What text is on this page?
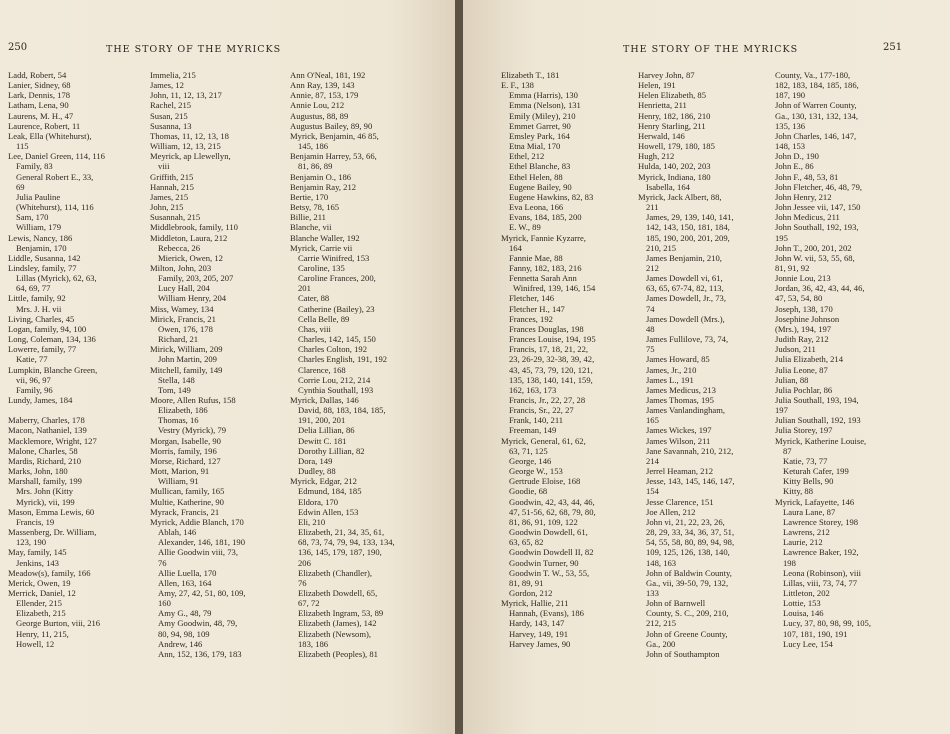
250	THE STORY OF THE MYRICKS
Ladd, Robert, 54
Lanier, Sidney, 68
Lark, Dennis, 178
Latham, Lena, 90
Laurens, M. H., 47
Laurence, Robert, 11
Leak, Ella (Whitehurst),
115
Lee, Daniel Green, 114, 116
Family, 83
General Robert E., 33,
69
Julia Pauline
(Whitehurst), 114, 116
Sam, 170
William, 179
Lewis, Nancy, 186
Benjamin, 170
Liddle, Susanna, 142
Lindsley, family, 77
Lillas (Myrick), 62, 63,
64, 69, 77
Little, family, 92
Mrs. J. H. vii
Living, Charles, 45
Logan, family, 94, 100
Long, Coleman, 134, 136
Lowerre, family, 77
Katie, 77
Lumpkin, Blanche Green,
vii, 96, 97
Family, 96
Lundy, James, 184

Maberry, Charles, 178
Macon, Nathaniel, 139
Macklemore, Wright, 127
Malone, Charles, 58
Mardis, Richard, 210
Marks, John, 180
Marshall, family, 199
Mrs. John (Kitty
Myrick), vii, 199
Mason, Emma Lewis, 60
Francis, 19
Massenberg, Dr. William,
123, 190
May, family, 145
Jenkins, 143
Meadow(s), family, 166
Merick, Owen, 19
Merrick, Daniel, 12
Ellender, 215
Elizabeth, 215
George Burton, viii, 216
Henry, 11, 215,
Howell, 12
Immelia, 215
James, 12
John, 11, 12, 13, 217
Rachel, 215
Susan, 215
Susanna, 13
Thomas, 11, 12, 13, 18
William, 12, 13, 215
Meyrick, ap Llewellyn,
viii
Griffith, 215
Hannah, 215
James, 215
John, 215
Susannah, 215
Middlebrook, family, 110
Middleton, Laura, 212
Rebecca, 26
Mierick, Owen, 12
Milton, John, 203
Family, 203, 205, 207
Lucy Hall, 204
William Henry, 204
Miss, Wamey, 134
Mirick, Francis, 21
Owen, 176, 178
Richard, 21
Mirick, William, 209
John Martin, 209
Mitchell, family, 149
Stella, 148
Tom, 149
Moore, Allen Rufus, 158
Elizabeth, 186
Thomas, 16
Vestry (Myrick), 79
Morgan, Isabelle, 90
Morris, family, 196
Morse, Richard, 127
Mott, Marion, 91
William, 91
Mullican, family, 165
Multie, Katherine, 90
Myrack, Francis, 21
Myrick, Addie Blanch, 170
Ablah, 146
Alexander, 146, 181, 190
Allie Goodwin viii, 73,
76
Allie Luella, 170
Allen, 163, 164
Amy, 27, 42, 51, 80, 109,
160
Amy G., 48, 79
Amy Goodwin, 48, 79,
80, 94, 98, 109
Andrew, 146
Ann, 152, 136, 179, 183
Ann O'Neal, 181, 192
Ann Ray, 139, 143
Annie, 87, 153, 179
Annie Lou, 212
Augustus, 88, 89
Augustus Bailey, 89, 90
Myrick, Benjamin, 46 85,
145, 186
Benjamin Harrey, 53, 66,
81, 86, 89
Benjamin O., 186
Benjamin Ray, 212
Bertie, 170
Betsy, 78, 165
Billie, 211
Blanche, vii
Blanche Waller, 192
Myrick, Carrie vii
Carrie Winifred, 153
Caroline, 135
Caroline Frances, 200,
201
Cater, 88
Catherine (Bailey), 23
Cella Belle, 89
Chas, viii
Charles, 142, 145, 150
Charles Colton, 192
Charles English, 191, 192
Clarence, 168
Corrie Lou, 212, 214
Cynthia Southall, 193
Myrick, Dallas, 146
David, 88, 183, 184, 185,
191, 200, 201
Delia Lillian, 86
Dewitt C. 181
Dorothy Lillian, 82
Dora, 149
Dudley, 88
Myrick, Edgar, 212
Edmund, 184, 185
Eldora, 170
Edwin Allen, 153
Eli, 210
Elizabeth, 21, 34, 35, 61,
68, 73, 74, 79, 94, 133, 134,
136, 145, 179, 187, 190,
206
Elizabeth (Chandler),
76
Elizabeth Dowdell, 65,
67, 72
Elizabeth Ingram, 53, 89
Elizabeth (James), 142
Elizabeth (Newsom),
183, 186
Elizabeth (Peoples), 81
THE STORY OF THE MYRICKS	251
Elizabeth T., 181
E. F., 138
Emma (Harris), 130
Emma (Nelson), 131
Emily (Miley), 210
Emmet Garret, 90
Emsley Park, 164
Etna Mial, 170
Ethel, 212
Ethel Blanche, 83
Ethel Helen, 88
Eugene Bailey, 90
Eugene Hawkins, 82, 83
Eva Leona, 166
Evans, 184, 185, 200
E. W., 89
Myrick, Fannie Kyzarre,
164
Fannie Mae, 88
Fanny, 182, 183, 216
Fennetta Sarah Ann
Winifred, 139, 146, 154
Fletcher, 146
Fletcher H., 147
Frances, 192
Frances Douglas, 198
Frances Louise, 194, 195
Francis, 17, 18, 21, 22,
23, 26-29, 32-38, 39, 42,
43, 45, 73, 79, 120, 121,
135, 138, 140, 141, 159,
162, 163, 173
Francis, Jr., 22, 27, 28
Francis, Sr., 22, 27
Frank, 140, 211
Freeman, 149
Myrick, General, 61, 62,
63, 71, 125
George, 146
George W., 153
Gertrude Eloise, 168
Goodie, 68
Goodwin, 42, 43, 44, 46,
47, 51-56, 62, 68, 79, 80,
81, 86, 91, 109, 122
Goodwin Dowdell, 61,
63, 65, 82
Goodwin Dowdell II, 82
Goodwin Turner, 90
Goodwin T. W., 53, 55,
81, 89, 91
Gordon, 212
Myrick, Hallie, 211
Hannah, (Evans), 186
Hardy, 143, 147
Harvey, 149, 191
Harvey James, 90
Harvey John, 87
Helen, 191
Helen Elizabeth, 85
Henrietta, 211
Henry, 182, 186, 210
Henry Starling, 211
Herwald, 146
Howell, 179, 180, 185
Hugh, 212
Hulda, 140, 202, 203
Myrick, Indiana, 180
Isabella, 164
Myrick, Jack Albert, 88,
211
James, 29, 139, 140, 141,
142, 143, 150, 181, 184,
185, 190, 200, 201, 209,
210, 215
James Benjamin, 210,
212
James Dowdell vi, 61,
63, 65, 67-74, 82, 113,
James Dowdell, Jr., 73,
74
James Dowdell (Mrs.),
48
James Fullilove, 73, 74,
75
James Howard, 85
James, Jr., 210
James L., 191
James Medicus, 213
James Thomas, 195
James Vanlandingham,
165
James Wickes, 197
James Wilson, 211
Jane Savannah, 210, 212,
214
Jerrel Heaman, 212
Jesse, 143, 145, 146, 147,
154
Jesse Clarence, 151
Joe Allen, 212
John vi, 21, 22, 23, 26,
28, 29, 33, 34, 36, 37, 51,
54, 55, 58, 80, 89, 94, 98,
109, 125, 126, 138, 140,
148, 163
John of Baldwin County,
Ga., vii, 39-50, 79, 132,
133
John of Barnwell
County, S. C., 209, 210,
212, 215
John of Greene County,
Ga., 200
John of Southampton
County, Va., 177-180,
182, 183, 184, 185, 186,
187, 190
John of Warren County,
Ga., 130, 131, 132, 134,
135, 136
John Charles, 146, 147,
148, 153
John D., 190
John E., 86
John F., 48, 53, 81
John Fletcher, 46, 48, 79,
John Henry, 212
John Jessee vii, 147, 150
John Medicus, 211
John Southall, 192, 193,
195
John T., 200, 201, 202
John W. vii, 53, 55, 68,
81, 91, 92
Jonnie Lou, 213
Jordan, 36, 42, 43, 44, 46,
47, 53, 54, 80
Joseph, 138, 170
Josephine Johnson
(Mrs.), 194, 197
Judith Ray, 212
Judson, 211
Julia Elizabeth, 214
Julia Leone, 87
Julian, 88
Julia Pochlar, 86
Julia Southall, 193, 194,
197
Julian Southall, 192, 193
Julia Storey, 197
Myrick, Katherine Louise,
87
Katie, 73, 77
Keturah Cafer, 199
Kitty Bells, 90
Kitty, 88
Myrick, Lafayette, 146
Laura Lane, 87
Lawrence Storey, 198
Lawrens, 212
Laurie, 212
Lawrence Baker, 192,
198
Leona (Robinson), viii
Lillas, viii, 73, 74, 77
Littleton, 202
Lottie, 153
Louisa, 146
Lucy, 37, 80, 98, 99, 105,
107, 181, 190, 191
Lucy Lee, 154
